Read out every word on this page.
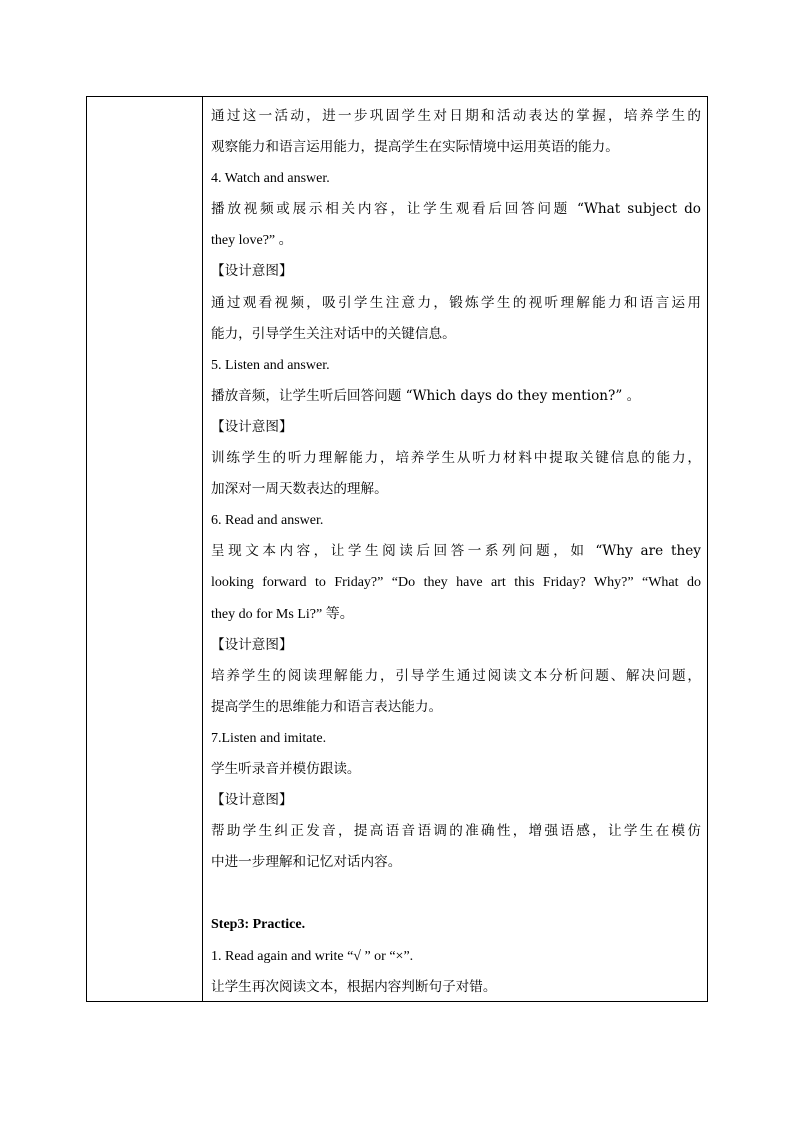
通过这一活动，进一步巩固学生对日期和活动表达的掌握，培养学生的
观察能力和语言运用能力，提高学生在实际情境中运用英语的能力。
4. Watch and answer.
播放视频或展示相关内容，让学生观看后回答问题 “What subject do
they love?” 。
【设计意图】
通过观看视频，吸引学生注意力，锻炼学生的视听理解能力和语言运用
能力，引导学生关注对话中的关键信息。
5. Listen and answer.
播放音频，让学生听后回答问题 “Which days do they mention?” 。
【设计意图】
训练学生的听力理解能力，培养学生从听力材料中提取关键信息的能力，
加深对一周天数表达的理解。
6. Read and answer.
呈现文本内容，让学生阅读后回答一系列问题，如 “Why are they
looking forward to Friday?” “Do they have art this Friday? Why?” “What do
they do for Ms Li?” 等。
【设计意图】
培养学生的阅读理解能力，引导学生通过阅读文本分析问题、解决问题，
提高学生的思维能力和语言表达能力。
7.Listen and imitate.
学生听录音并模仿跟读。
【设计意图】
帮助学生纠正发音，提高语音语调的准确性，增强语感，让学生在模仿
中进一步理解和记忆对话内容。
Step3: Practice.
1. Read again and write “√ ” or “×”.
让学生再次阅读文本，根据内容判断句子对错。
